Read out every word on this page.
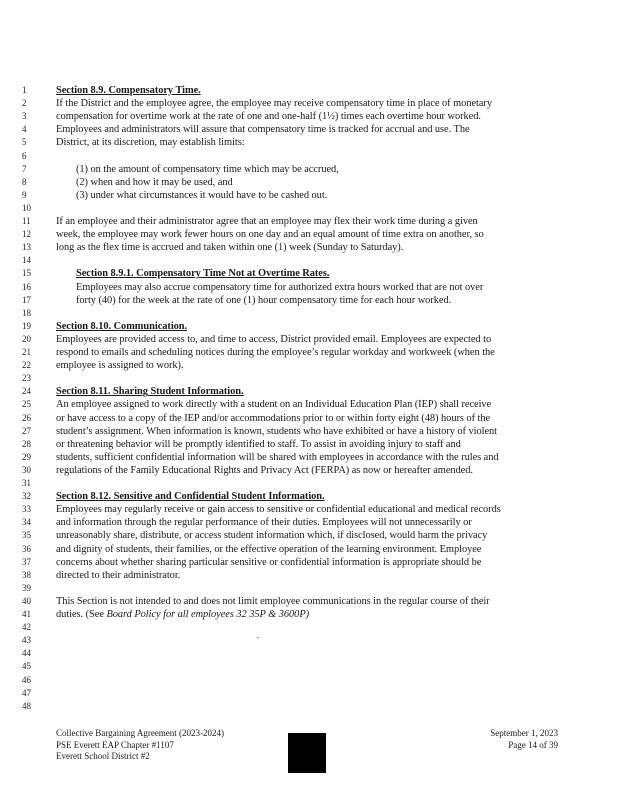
1	Section 8.9. Compensatory Time.
2	If the District and the employee agree, the employee may receive compensatory time in place of monetary
3	compensation for overtime work at the rate of one and one-half (1½) times each overtime hour worked.
4	Employees and administrators will assure that compensatory time is tracked for accrual and use. The
5	District, at its discretion, may establish limits:
6
7	(1) on the amount of compensatory time which may be accrued,
8	(2) when and how it may be used, and
9	(3) under what circumstances it would have to be cashed out.
10
11	If an employee and their administrator agree that an employee may flex their work time during a given
12	week, the employee may work fewer hours on one day and an equal amount of time extra on another, so
13	long as the flex time is accrued and taken within one (1) week (Sunday to Saturday).
14
15	Section 8.9.1. Compensatory Time Not at Overtime Rates.
16	Employees may also accrue compensatory time for authorized extra hours worked that are not over
17	forty (40) for the week at the rate of one (1) hour compensatory time for each hour worked.
18
19	Section 8.10. Communication.
20	Employees are provided access to, and time to access, District provided email. Employees are expected to
21	respond to emails and scheduling notices during the employee’s regular workday and workweek (when the
22	employee is assigned to work).
23
24	Section 8.11. Sharing Student Information.
25	An employee assigned to work directly with a student on an Individual Education Plan (IEP) shall receive
26	or have access to a copy of the IEP and/or accommodations prior to or within forty eight (48) hours of the
27	student’s assignment. When information is known, students who have exhibited or have a history of violent
28	or threatening behavior will be promptly identified to staff. To assist in avoiding injury to staff and
29	students, sufficient confidential information will be shared with employees in accordance with the rules and
30	regulations of the Family Educational Rights and Privacy Act (FERPA) as now or hereafter amended.
31
32	Section 8.12. Sensitive and Confidential Student Information.
33	Employees may regularly receive or gain access to sensitive or confidential educational and medical records
34	and information through the regular performance of their duties. Employees will not unnecessarily or
35	unreasonably share, distribute, or access student information which, if disclosed, would harm the privacy
36	and dignity of students, their families, or the effective operation of the learning environment. Employee
37	concerns about whether sharing particular sensitive or confidential information is appropriate should be
38	directed to their administrator.
39
40	This Section is not intended to and does not limit employee communications in the regular course of their
41	duties. (See Board Policy for all employees 32 35P & 3600P)
42
43
44
45
46
47
48
Collective Bargaining Agreement (2023-2024)
PSE Everett EAP Chapter #1107
Everett School District #2
September 1, 2023
Page 14 of 39
